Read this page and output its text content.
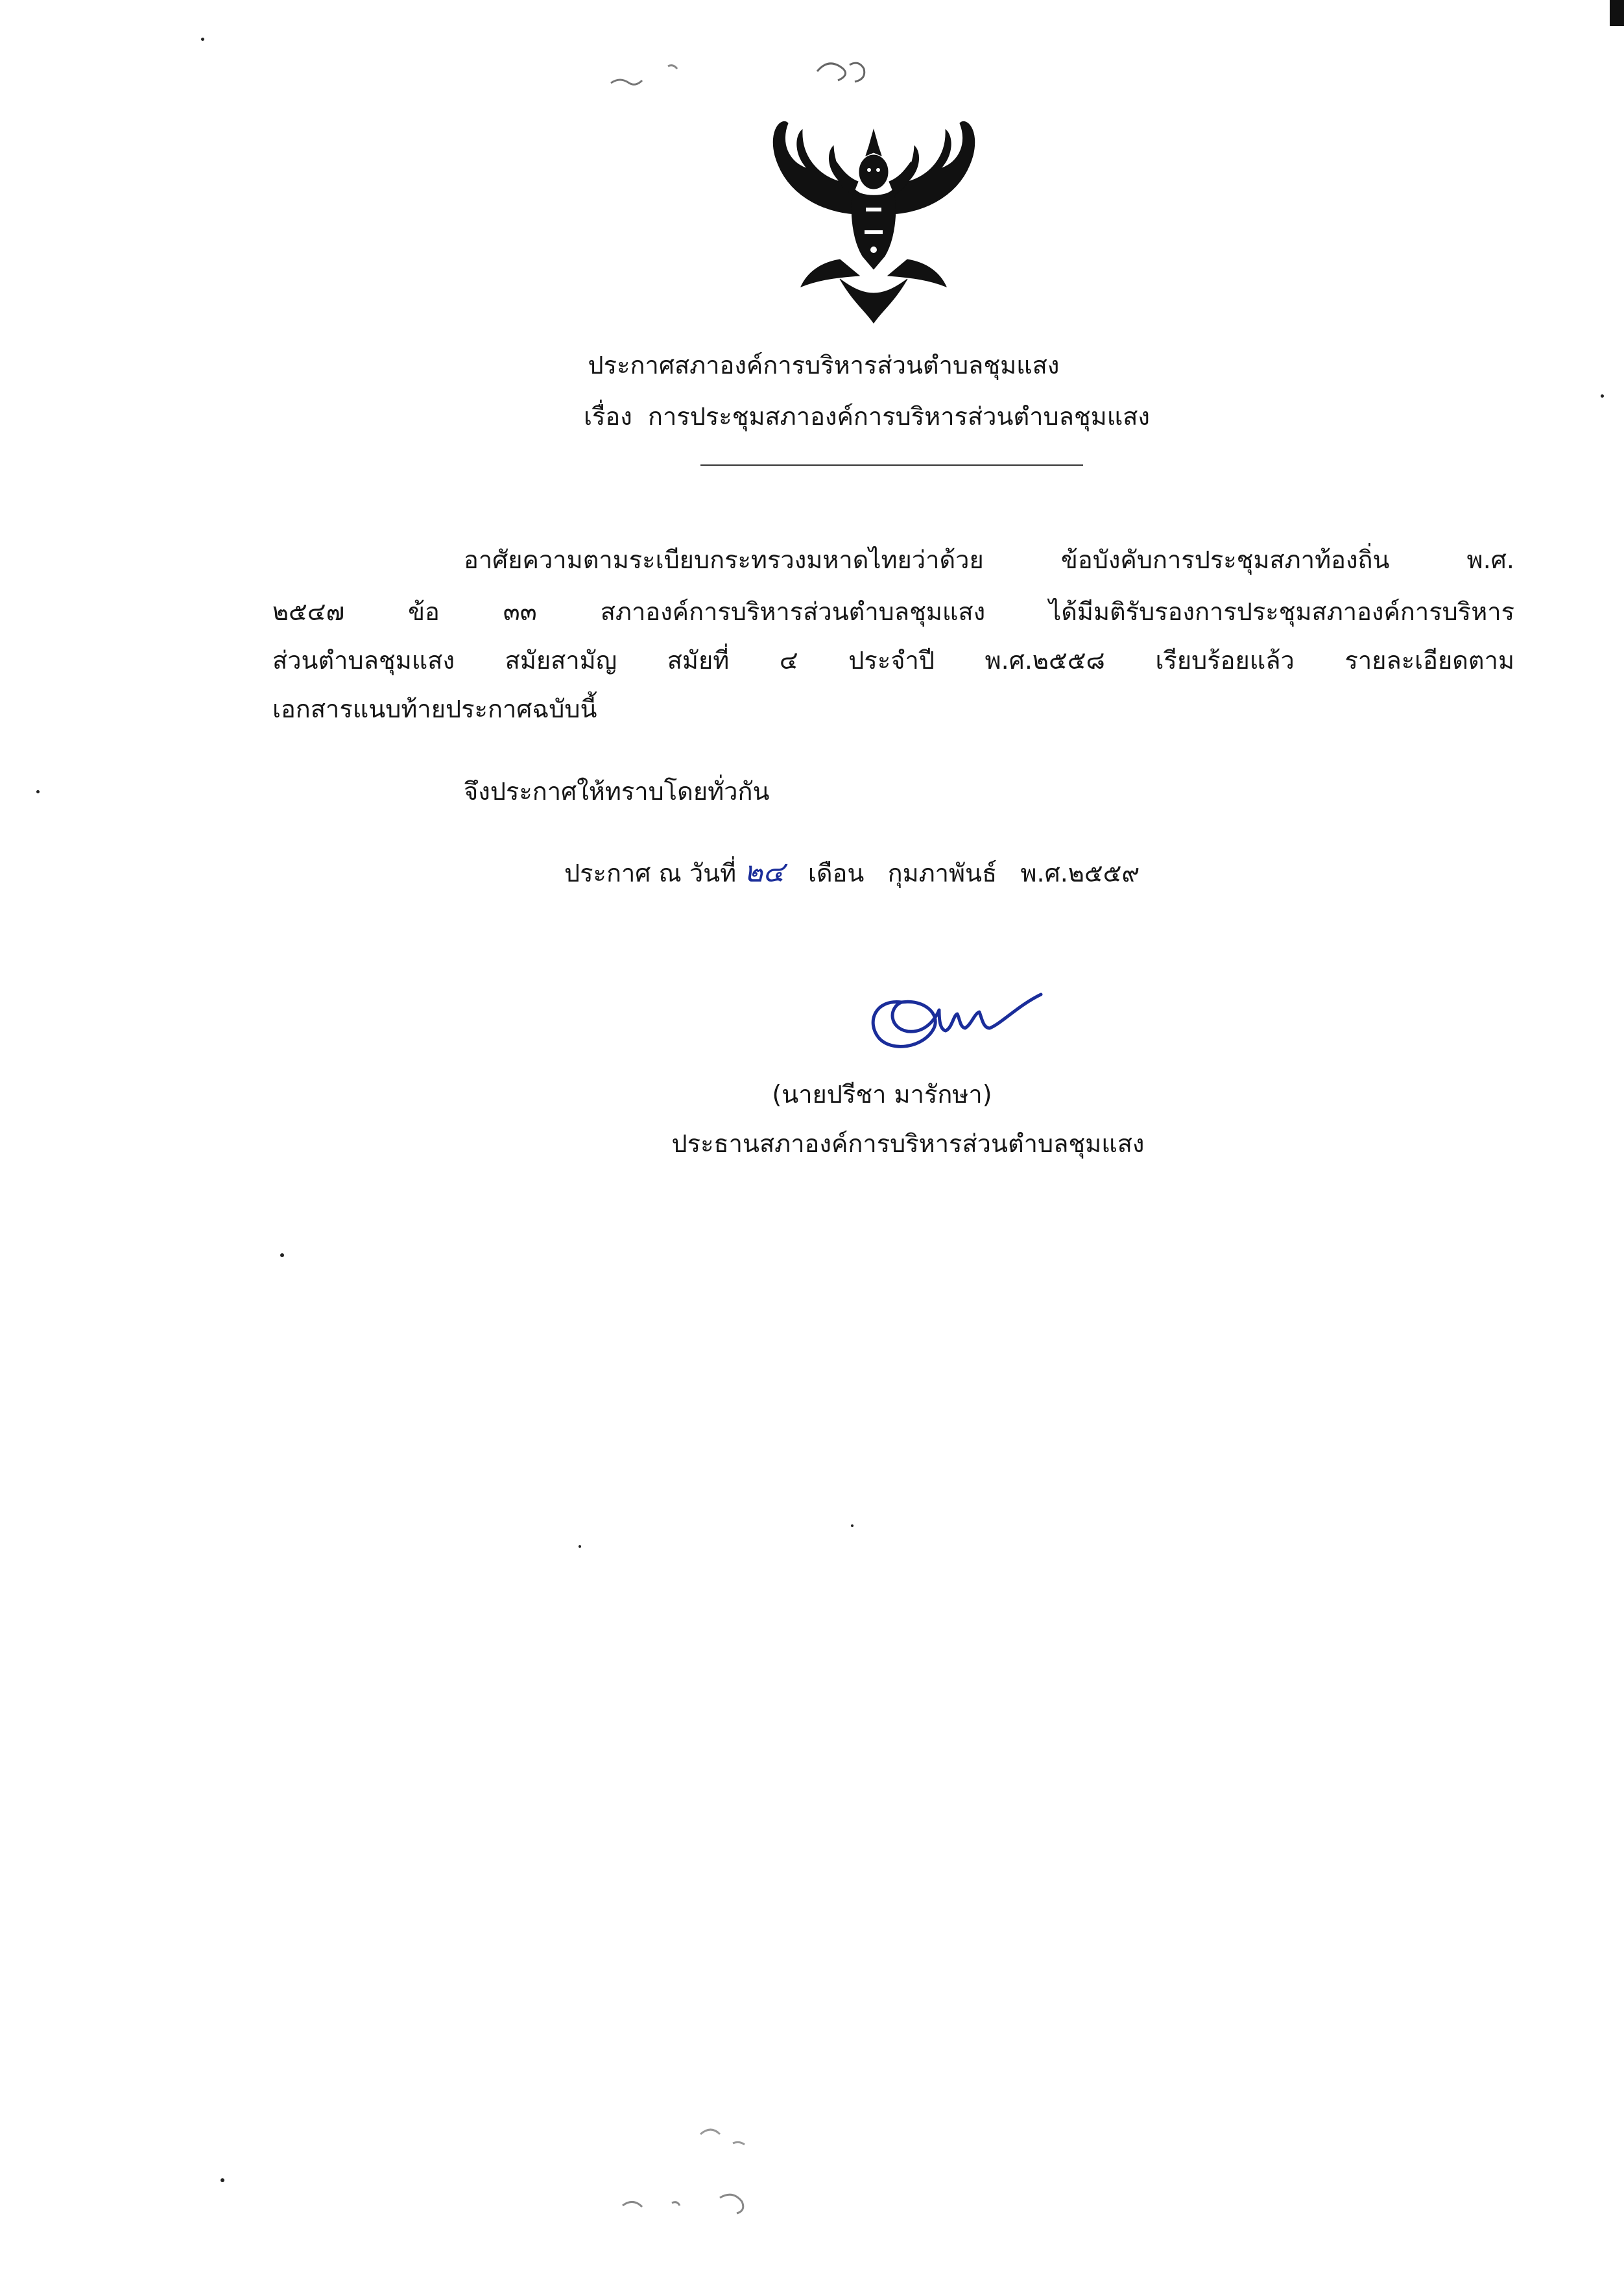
ประกาศสภาองค์การบริหารส่วนตำบลชุมแสง
เรื่อง การประชุมสภาองค์การบริหารส่วนตำบลชุมแสง
อาศัยความตามระเบียบกระทรวงมหาดไทยว่าด้วย ข้อบังคับการประชุมสภาท้องถิ่น พ.ศ.
๒๕๔๗ ข้อ ๓๓ สภาองค์การบริหารส่วนตำบลชุมแสง ได้มีมติรับรองการประชุมสภาองค์การบริหาร
ส่วนตำบลชุมแสง สมัยสามัญ สมัยที่ ๔ ประจำปี พ.ศ.๒๕๕๘ เรียบร้อยแล้ว รายละเอียดตาม
เอกสารแนบท้ายประกาศฉบับนี้
จึงประกาศให้ทราบโดยทั่วกัน
ประกาศ ณ วันที่ ๒๔ เดือน กุมภาพันธ์ พ.ศ.๒๕๕๙
(นายปรีชา มารักษา)
ประธานสภาองค์การบริหารส่วนตำบลชุมแสง
